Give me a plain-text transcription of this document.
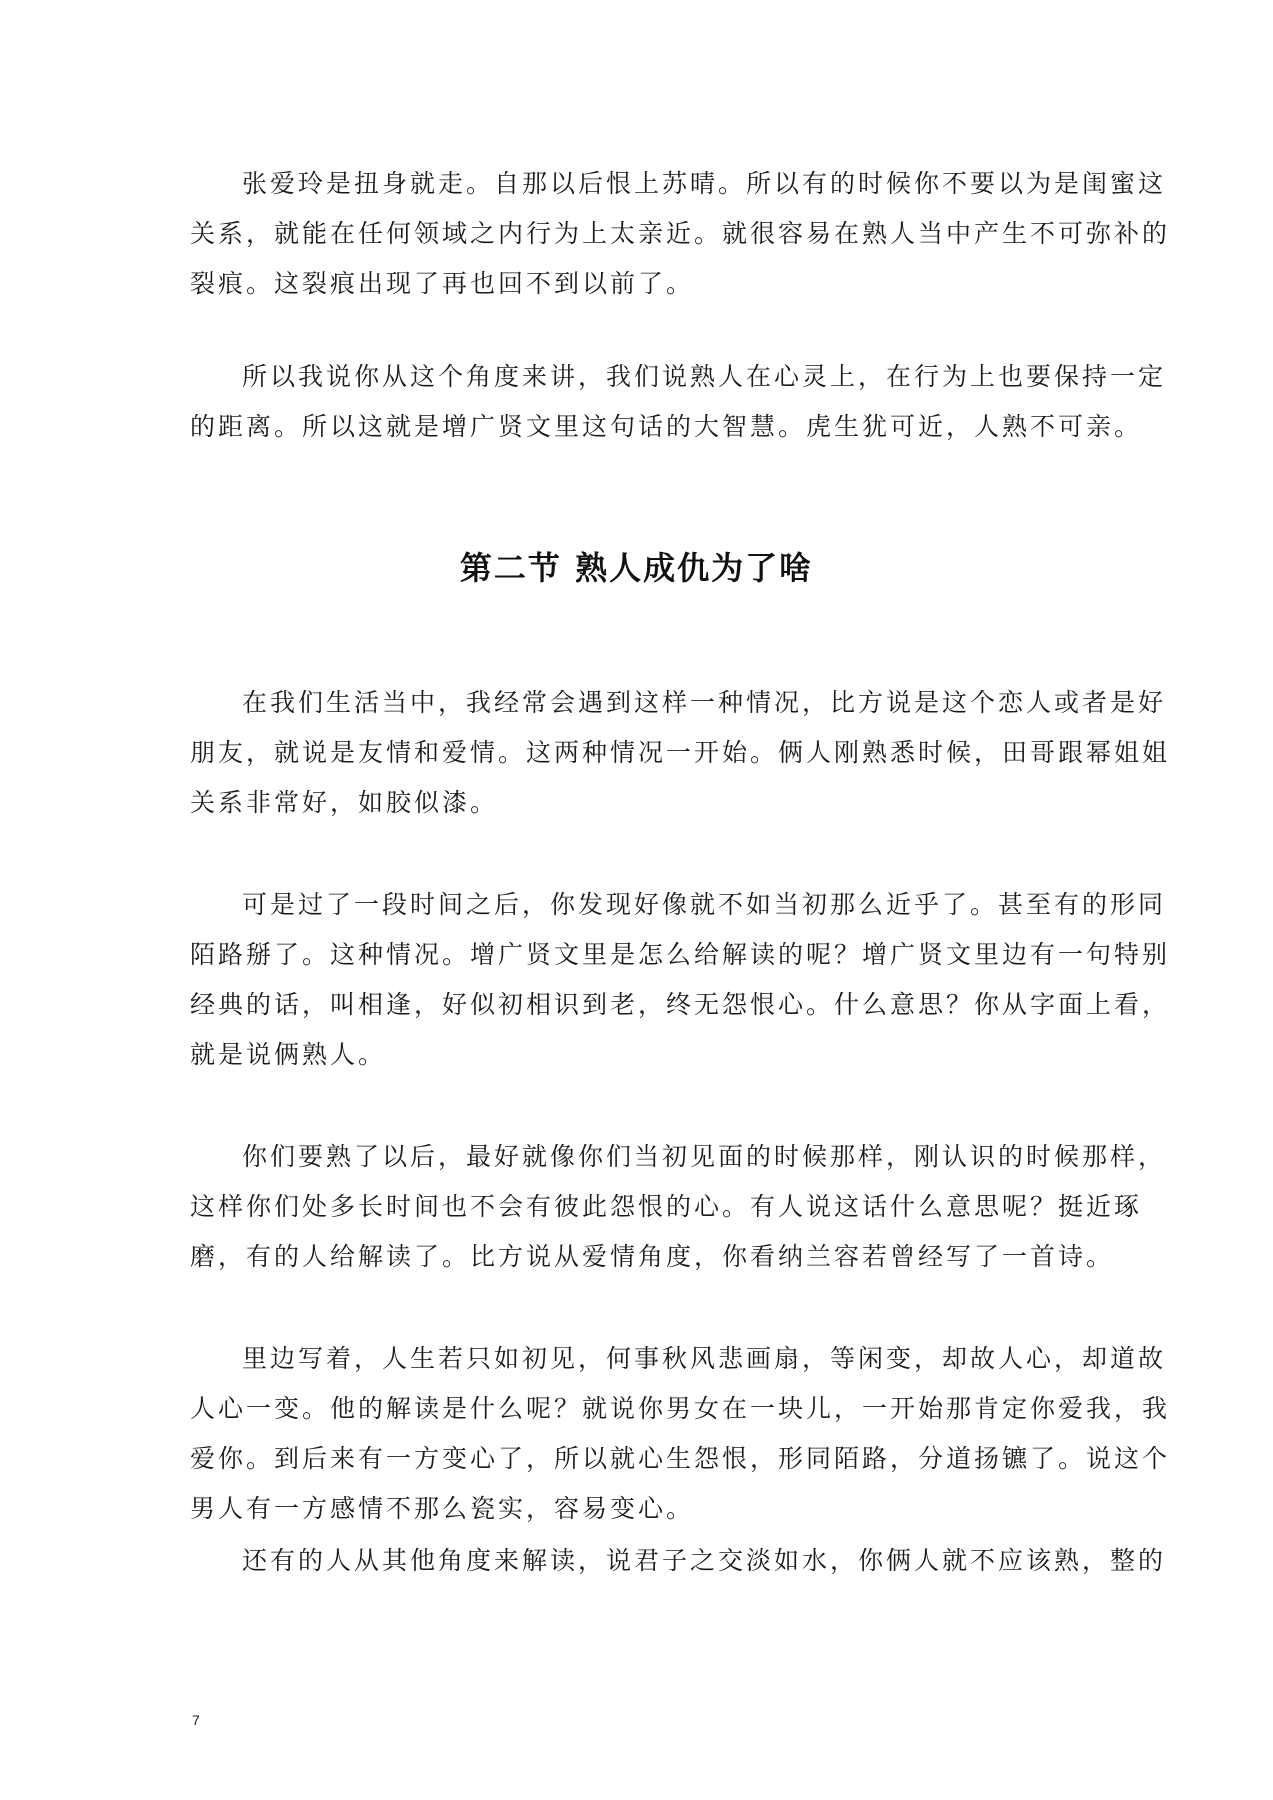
张爱玲是扭身就走。自那以后恨上苏晴。所以有的时候你不要以为是闺蜜这
关系，就能在任何领域之内行为上太亲近。就很容易在熟人当中产生不可弥补的
裂痕。这裂痕出现了再也回不到以前了。
所以我说你从这个角度来讲，我们说熟人在心灵上，在行为上也要保持一定
的距离。所以这就是增广贤文里这句话的大智慧。虎生犹可近，人熟不可亲。
第二节 熟人成仇为了啥
在我们生活当中，我经常会遇到这样一种情况，比方说是这个恋人或者是好
朋友，就说是友情和爱情。这两种情况一开始。俩人刚熟悉时候，田哥跟幂姐姐
关系非常好，如胶似漆。
可是过了一段时间之后，你发现好像就不如当初那么近乎了。甚至有的形同
陌路掰了。这种情况。增广贤文里是怎么给解读的呢？增广贤文里边有一句特别
经典的话，叫相逢，好似初相识到老，终无怨恨心。什么意思？你从字面上看，
就是说俩熟人。
你们要熟了以后，最好就像你们当初见面的时候那样，刚认识的时候那样，
这样你们处多长时间也不会有彼此怨恨的心。有人说这话什么意思呢？挺近琢
磨，有的人给解读了。比方说从爱情角度，你看纳兰容若曾经写了一首诗。
里边写着，人生若只如初见，何事秋风悲画扇，等闲变，却故人心，却道故
人心一变。他的解读是什么呢？就说你男女在一块儿，一开始那肯定你爱我，我
爱你。到后来有一方变心了，所以就心生怨恨，形同陌路，分道扬镳了。说这个
男人有一方感情不那么瓷实，容易变心。
还有的人从其他角度来解读，说君子之交淡如水，你俩人就不应该熟，整的
7
